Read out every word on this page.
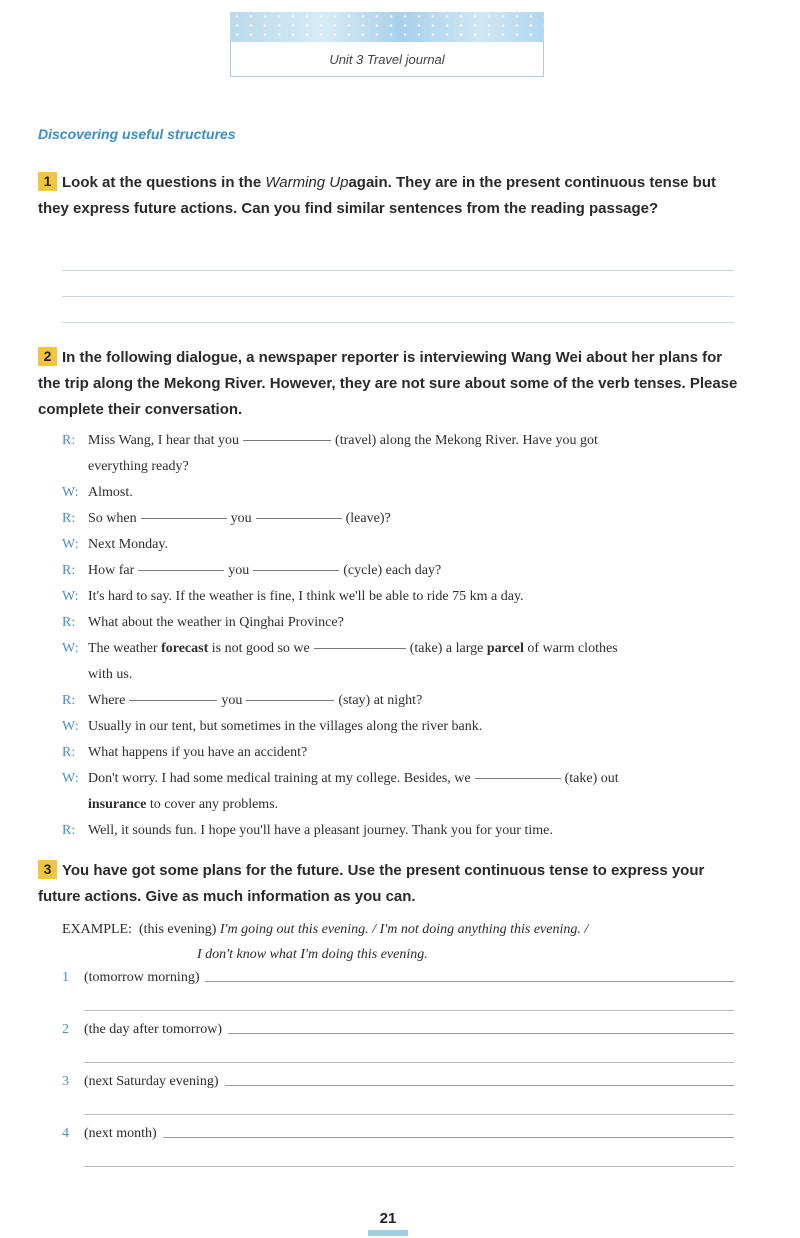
Unit 3 Travel journal
Discovering useful structures
1 Look at the questions in the Warming Upagain. They are in the present continuous tense but they express future actions. Can you find similar sentences from the reading passage?
2 In the following dialogue, a newspaper reporter is interviewing Wang Wei about her plans for the trip along the Mekong River. However, they are not sure about some of the verb tenses. Please complete their conversation.
R: Miss Wang, I hear that you	(travel) along the Mekong River. Have you got
everything ready?
W: Almost.
R: So when	you	(leave)?
W: Next Monday.
R: How far	you	(cycle) each day?
W: It's hard to say. If the weather is fine, I think we'll be able to ride 75 km a day.
R: What about the weather in Qinghai Province?
W: The weather forecast is not good so we	(take) a large parcel of warm clothes
with us.
R: Where	you	(stay) at night?
W: Usually in our tent, but sometimes in the villages along the river bank.
R: What happens if you have an accident?
W: Don't worry. I had some medical training at my college. Besides, we	(take) out
insurance to cover any problems.
R: Well, it sounds fun. I hope you'll have a pleasant journey. Thank you for your time.
3 You have got some plans for the future. Use the present continuous tense to express your future actions. Give as much information as you can.
EXAMPLE: (this evening) I'm going out this evening. / I'm not doing anything this evening. /
I don't know what I'm doing this evening.
1	(tomorrow morning)
2	(the day after tomorrow)
3	(next Saturday evening)
4	(next month)
21
